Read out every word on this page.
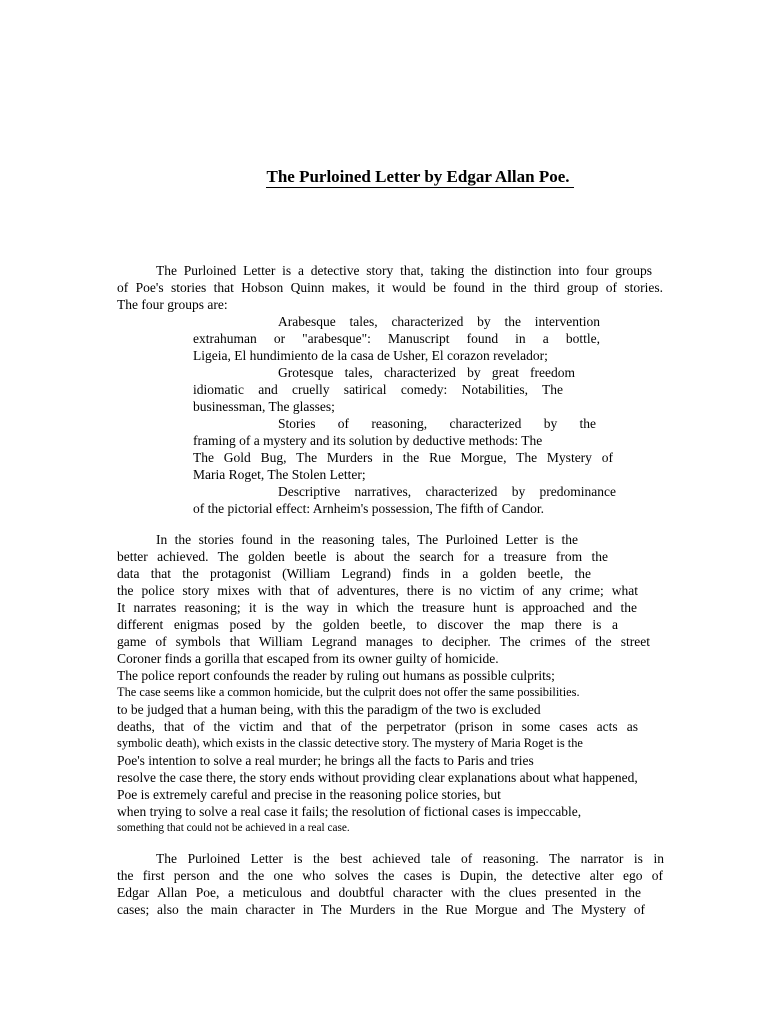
The Purloined Letter by Edgar Allan Poe.
The Purloined Letter is a detective story that, taking the distinction into four groups
of Poe's stories that Hobson Quinn makes, it would be found in the third group of stories.
The four groups are:
Arabesque tales, characterized by the intervention
extrahuman or "arabesque": Manuscript found in a bottle,
Ligeia, El hundimiento de la casa de Usher, El corazon revelador;
Grotesque tales, characterized by great freedom
idiomatic and cruelly satirical comedy: Notabilities, The
businessman, The glasses;
Stories of reasoning, characterized by the
framing of a mystery and its solution by deductive methods: The
The Gold Bug, The Murders in the Rue Morgue, The Mystery of
Maria Roget, The Stolen Letter;
Descriptive narratives, characterized by predominance
of the pictorial effect: Arnheim's possession, The fifth of Candor.
In the stories found in the reasoning tales, The Purloined Letter is the
better achieved. The golden beetle is about the search for a treasure from the
data that the protagonist (William Legrand) finds in a golden beetle, the
the police story mixes with that of adventures, there is no victim of any crime; what
It narrates reasoning; it is the way in which the treasure hunt is approached and the
different enigmas posed by the golden beetle, to discover the map there is a
game of symbols that William Legrand manages to decipher. The crimes of the street
Coroner finds a gorilla that escaped from its owner guilty of homicide.
The police report confounds the reader by ruling out humans as possible culprits;
The case seems like a common homicide, but the culprit does not offer the same possibilities.
to be judged that a human being, with this the paradigm of the two is excluded
deaths, that of the victim and that of the perpetrator (prison in some cases acts as
symbolic death), which exists in the classic detective story. The mystery of Maria Roget is the
Poe's intention to solve a real murder; he brings all the facts to Paris and tries
resolve the case there, the story ends without providing clear explanations about what happened,
Poe is extremely careful and precise in the reasoning police stories, but
when trying to solve a real case it fails; the resolution of fictional cases is impeccable,
something that could not be achieved in a real case.
The Purloined Letter is the best achieved tale of reasoning. The narrator is in
the first person and the one who solves the cases is Dupin, the detective alter ego of
Edgar Allan Poe, a meticulous and doubtful character with the clues presented in the
cases; also the main character in The Murders in the Rue Morgue and The Mystery of
